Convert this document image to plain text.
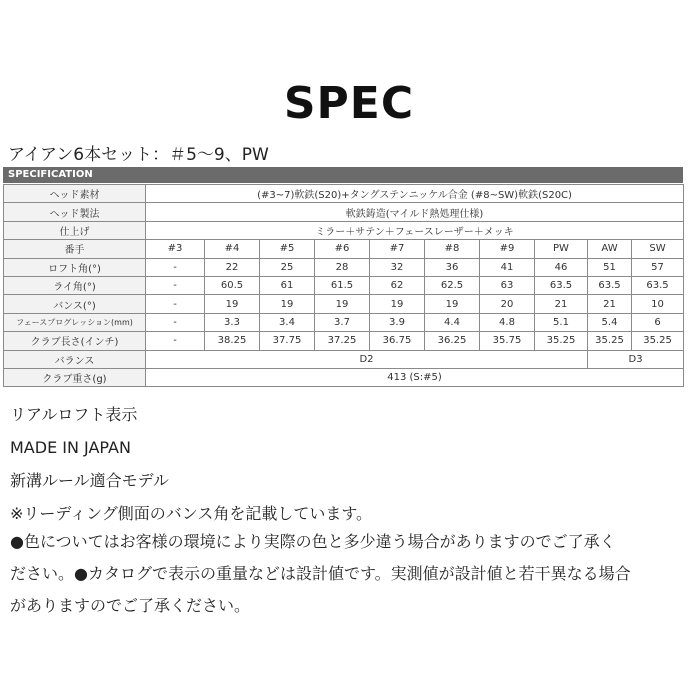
SPEC
アイアン6本セット：＃5～9、PW
SPECIFICATION
ヘッド素材	(#3~7)軟鉄(S20)+タングステンニッケル合金 (#8~SW)軟鉄(S20C)									
ヘッド製法	軟鉄鋳造(マイルド熱処理仕様)									
仕上げ	ミラー＋サテン＋フェースレーザー＋メッキ									
番手	#3	#4	#5	#6	#7	#8	#9	PW	AW	SW
ロフト角(°)	-	22	25	28	32	36	41	46	51	57
ライ角(°)	-	60.5	61	61.5	62	62.5	63	63.5	63.5	63.5
バンス(°)	-	19	19	19	19	19	20	21	21	10
フェースプログレッション(mm)	-	3.3	3.4	3.7	3.9	4.4	4.8	5.1	5.4	6
クラブ長さ(インチ)	-	38.25	37.75	37.25	36.75	36.25	35.75	35.25	35.25	35.25
バランス	D2								D3	
クラブ重さ(g)	413 (S:#5)									
リアルロフト表示
MADE IN JAPAN
新溝ルール適合モデル
※リーディング側面のバンス角を記載しています。
●色についてはお客様の環境により実際の色と多少違う場合がありますのでご了承く
ださい。●カタログで表示の重量などは設計値です。実測値が設計値と若干異なる場合
がありますのでご了承ください。
